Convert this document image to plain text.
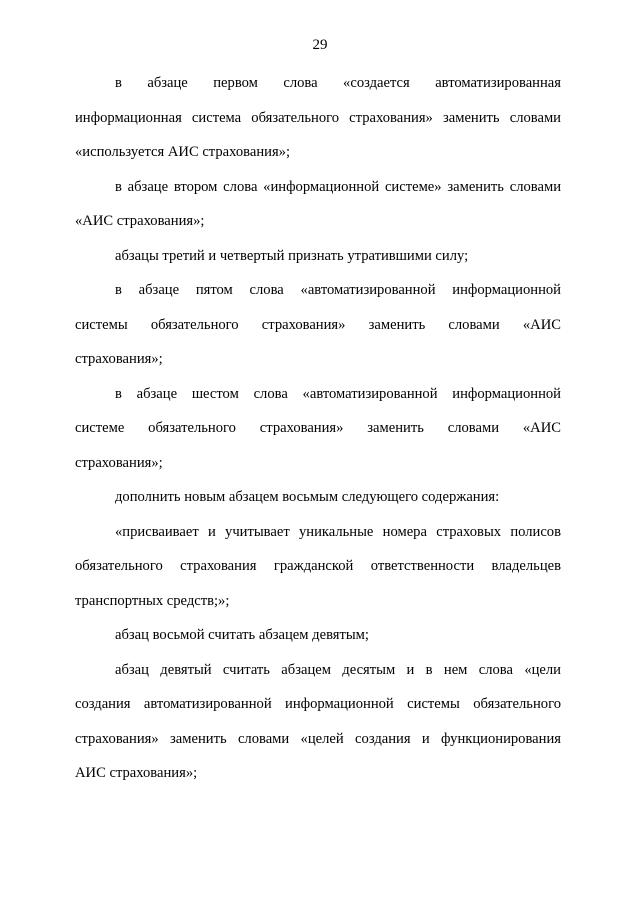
29
в абзаце первом слова «создается автоматизированная
информационная система обязательного страхования» заменить словами
«используется АИС страхования»;
в абзаце втором слова «информационной системе» заменить словами
«АИС страхования»;
абзацы третий и четвертый признать утратившими силу;
в абзаце пятом слова «автоматизированной информационной
системы обязательного страхования» заменить словами «АИС
страхования»;
в абзаце шестом слова «автоматизированной информационной
системе обязательного страхования» заменить словами «АИС
страхования»;
дополнить новым абзацем восьмым следующего содержания:
«присваивает и учитывает уникальные номера страховых полисов
обязательного страхования гражданской ответственности владельцев
транспортных средств;»;
абзац восьмой считать абзацем девятым;
абзац девятый считать абзацем десятым и в нем слова «цели
создания автоматизированной информационной системы обязательного
страхования» заменить словами «целей создания и функционирования
АИС страхования»;
